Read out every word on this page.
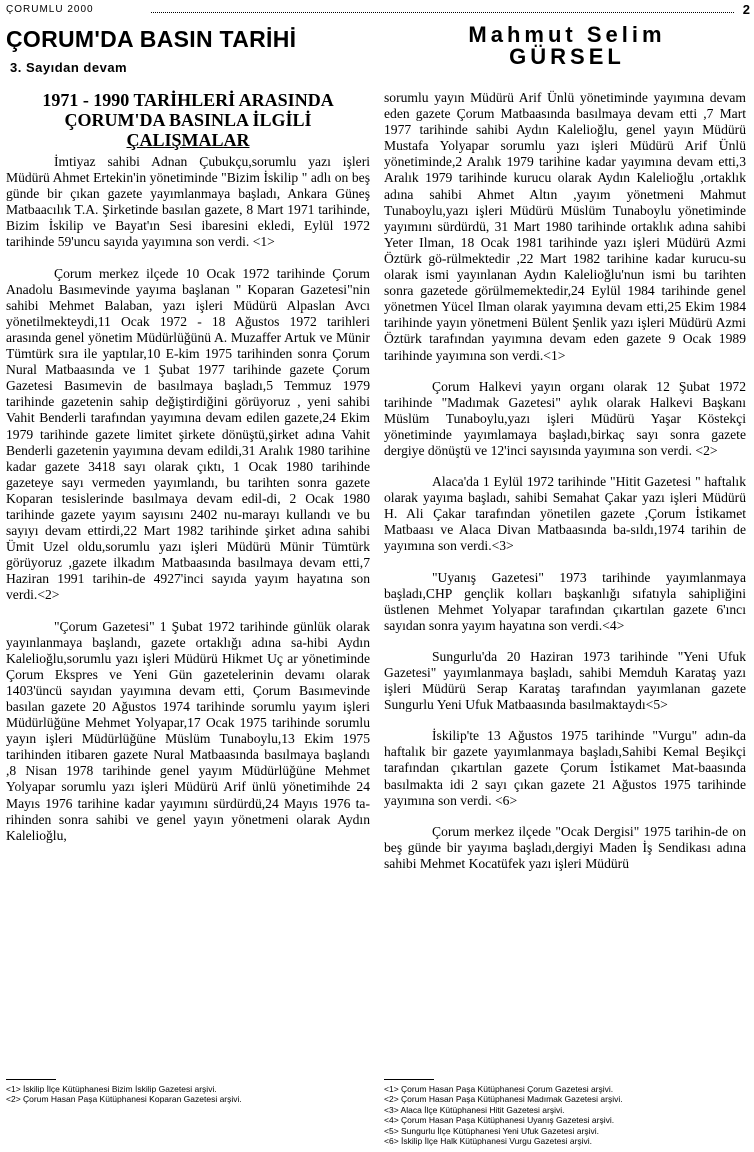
ÇORUMLU 2000	2
ÇORUM'DA BASIN TARİHİ	Mahmut Selim
GÜRSEL
3. Sayıdan devam
1971 - 1990 TARİHLERİ ARASINDA
ÇORUM'DA BASINLA İLGİLİ
ÇALIŞMALAR

İmtiyaz sahibi Adnan Çubukçu,sorumlu yazı işleri Müdürü Ahmet Ertekin'in yönetiminde "Bizim İskilip " adlı on beş günde bir çıkan gazete yayımlanmaya başladı, Ankara Güneş Matbaacılık T.A. Şirketinde basılan gazete, 8 Mart 1971 tarihinde, Bizim İskilip ve Bayat'ın Sesi ibaresini ekledi, Eylül 1972 tarihinde 59'uncu sayıda yayımına son verdi. <1>

Çorum merkez ilçede 10 Ocak 1972 tarihinde Çorum Anadolu Basımevinde yayıma başlanan " Koparan Gazetesi"nin sahibi Mehmet Balaban, yazı işleri Müdürü Alpaslan Avcı yönetilmekteydi,11 Ocak 1972 - 18 Ağustos 1972 tarihleri arasında genel yönetim Müdürlüğünü A. Muzaffer Artuk ve Münir Tümtürk sıra ile yaptılar,10 E-kim 1975 tarihinden sonra Çorum Nural Matbaasında ve 1 Şubat 1977 tarihinde gazete Çorum Gazetesi Basımevin de basılmaya başladı,5 Temmuz 1979 tarihinde gazetenin sahip değiştirdiğini görüyoruz , yeni sahibi Vahit Benderli tarafından yayımına devam edilen gazete,24 Ekim 1979 tarihinde gazete limitet şirkete dönüştü,şirket adına Vahit Benderli gazetenin yayımına devam edildi,31 Aralık 1980 tarihine kadar gazete 3418 sayı olarak çıktı, 1 Ocak 1980 tarihinde gazeteye sayı vermeden yayımlandı, bu tarihten sonra gazete Koparan tesislerinde basılmaya devam edil-di, 2 Ocak 1980 tarihinde gazete yayım sayısını 2402 nu-marayı kullandı ve bu sayıyı devam ettirdi,22 Mart 1982 tarihinde şirket adına sahibi Ümit Uzel oldu,sorumlu yazı işleri Müdürü Münir Tümtürk görüyoruz ,gazete ilkadım Matbaasında basılmaya devam etti,7 Haziran 1991 tarihin-de 4927'inci sayıda yayım hayatına son verdi.<2>

"Çorum Gazetesi" 1 Şubat 1972 tarihinde günlük olarak yayınlanmaya başlandı, gazete ortaklığı adına sa-hibi Aydın Kalelioğlu,sorumlu yazı işleri Müdürü Hikmet Uç ar yönetiminde Çorum Ekspres ve Yeni Gün gazetelerinin devamı olarak 1403'üncü sayıdan yayımına devam etti, Çorum Basımevinde basılan gazete 20 Ağustos 1974 tarihinde sorumlu yayım işleri Müdürlüğüne Mehmet Yolyapar,17 Ocak 1975 tarihinde sorumlu yayın işleri Müdürlüğüne Müslüm Tunaboylu,13 Ekim 1975 tarihinden itibaren gazete Nural Matbaasında basılmaya başlandı ,8 Nisan 1978 tarihinde genel yayım Müdürlüğüne Mehmet Yolyapar sorumlu yazı işleri Müdürü Arif ünlü yönetimihde 24 Mayıs 1976 tarihine kadar yayımını sürdürdü,24 Mayıs 1976 ta-rihinden sonra sahibi ve genel yayın yönetmeni olarak Aydın Kalelioğlu,

sorumlu yayın Müdürü Arif Ünlü yönetiminde yayımına devam eden gazete Çorum Matbaasında basılmaya devam etti ,7 Mart 1977 tarihinde sahibi Aydın Kalelioğlu, genel yayın Müdürü Mustafa Yolyapar sorumlu yazı işleri Müdürü Arif Ünlü yönetiminde,2 Aralık 1979 tarihine kadar yayımına devam etti,3 Aralık 1979 tarihinde kurucu olarak Aydın Kalelioğlu ,ortaklık adına sahibi Ahmet Altın ,yayım yönetmeni Mahmut Tunaboylu,yazı işleri Müdürü Müslüm Tunaboylu yönetiminde yayımını sürdürdü, 31 Mart 1980 tarihinde ortaklık adına sahibi Yeter Ilman, 18 Ocak 1981 tarihinde yazı işleri Müdürü Azmi Öztürk gö-rülmektedir ,22 Mart 1982 tarihine kadar kurucu-su olarak ismi yayınlanan Aydın Kalelioğlu'nun ismi bu tarihten sonra gazetede görülmemektedir,24 Eylül 1984 tarihinde genel yönetmen Yücel Ilman olarak yayımına devam etti,25 Ekim 1984 tarihinde yayın yönetmeni Bülent Şenlik yazı işleri Müdürü Azmi Öztürk tarafından yayımına devam eden gazete 9 Ocak 1989 tarihinde yayımına son verdi.<1>

Çorum Halkevi yayın organı olarak 12 Şubat 1972 tarihinde "Madımak Gazetesi" aylık olarak Halkevi Başkanı Müslüm Tunaboylu,yazı işleri Müdürü Yaşar Köstekçi yönetiminde yayımlamaya başladı,birkaç sayı sonra gazete dergiye dönüştü ve 12'inci sayısında yayımına son verdi. <2>

Alaca'da 1 Eylül 1972 tarihinde "Hitit Gazetesi " haftalık olarak yayıma başladı, sahibi Semahat Çakar yazı işleri Müdürü H. Ali Çakar tarafından yönetilen gazete ,Çorum İstikamet Matbaası ve Alaca Divan Matbaasında ba-sıldı,1974 tarihin de yayımına son verdi.<3>

"Uyanış Gazetesi" 1973 tarihinde yayımlanmaya başladı,CHP gençlik kolları başkanlığı sıfatıyla sahipliğini üstlenen Mehmet Yolyapar tarafından çıkartılan gazete 6'ıncı sayıdan sonra yayım hayatına son verdi.<4>

Sungurlu'da 20 Haziran 1973 tarihinde "Yeni Ufuk Gazetesi" yayımlanmaya başladı, sahibi Memduh Karataş yazı işleri Müdürü Serap Karataş tarafından yayımlanan gazete Sungurlu Yeni Ufuk Matbaasında basılmaktaydı<5>

İskilip'te 13 Ağustos 1975 tarihinde "Vurgu" adın-da haftalık bir gazete yayımlanmaya başladı,Sahibi Kemal Beşikçi tarafından çıkartılan gazete Çorum İstikamet Mat-baasında basılmakta idi 2 sayı çıkan gazete 21 Ağustos 1975 tarihinde yayımına son verdi. <6>

Çorum merkez ilçede "Ocak Dergisi" 1975 tarihin-de on beş günde bir yayıma başladı,dergiyi Maden İş Sendikası adına sahibi Mehmet Kocatüfek yazı işleri Müdürü

<1> İskilip İlçe Kütüphanesi Bizim İskilip Gazetesi arşivi.
<2> Çorum Hasan Paşa Kütüphanesi Koparan Gazetesi arşivi.
<1> Çorum Hasan Paşa Kütüphanesi Çorum Gazetesi arşivi.
<2> Çorum Hasan Paşa Kütüphanesi Madımak Gazetesi arşivi.
<3> Alaca İlçe Kütüphanesi Hitit Gazetesi arşivi.
<4> Çorum Hasan Paşa Kütüphanesi Uyanış Gazetesi arşivi.
<5> Sungurlu İlçe Kütüphanesi Yeni Ufuk Gazetesi arşivi.
<6> İskilip İlçe Halk Kütüphanesi Vurgu Gazetesi arşivi.
